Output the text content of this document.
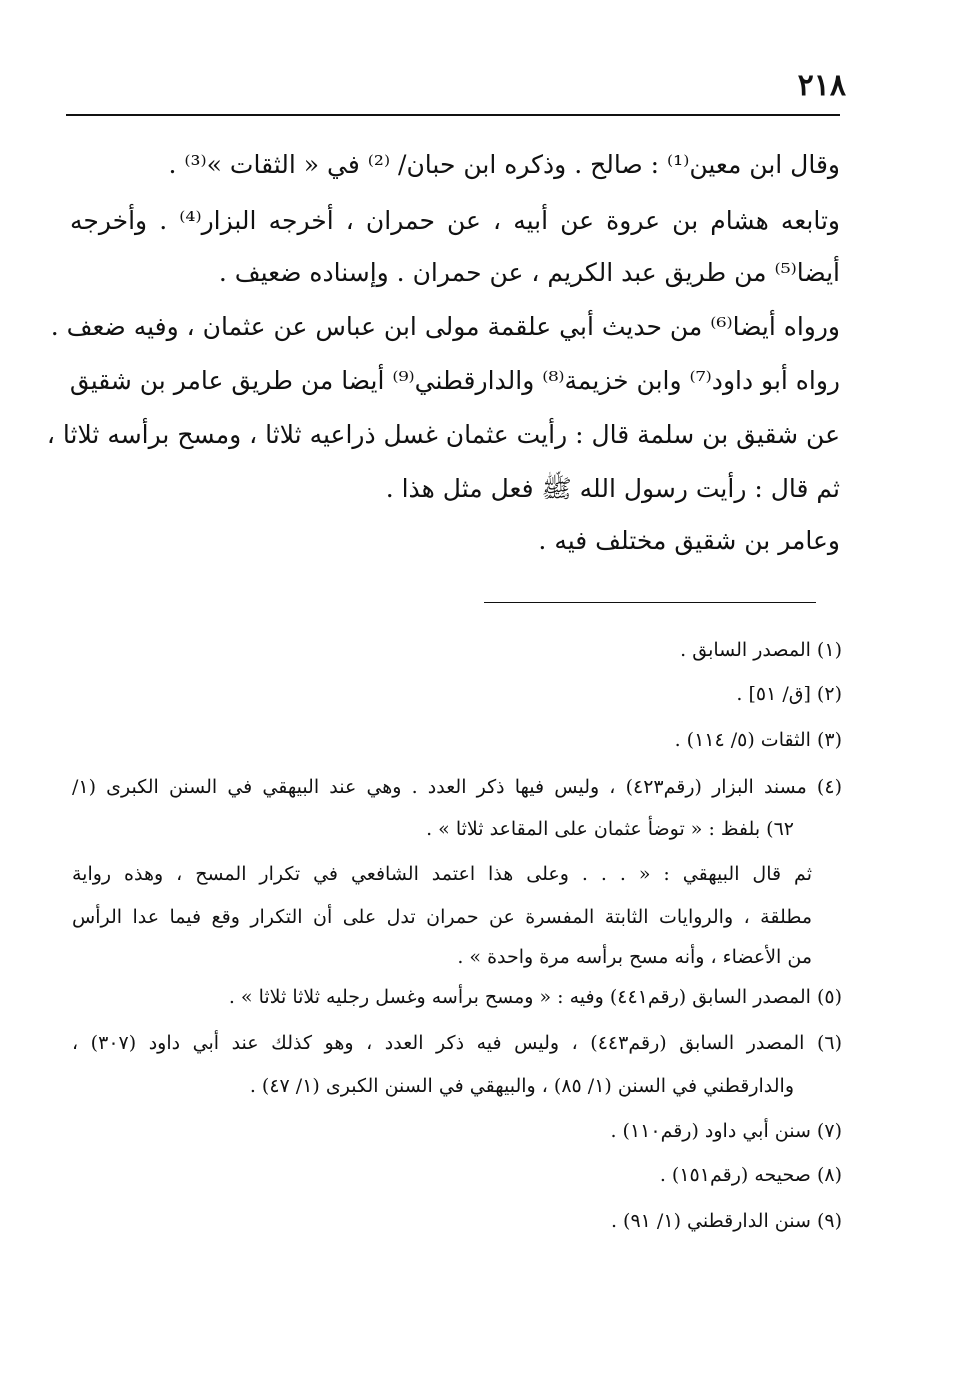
٢١٨
وقال ابن معين⁽¹⁾ : صالح . وذكره ابن حبان/ ⁽²⁾ في « الثقات »⁽³⁾ .
وتابعه هشام بن عروة عن أبيه ، عن حمران ، أخرجه البزار⁽⁴⁾ . وأخرجه
أيضا⁽⁵⁾ من طريق عبد الكريم ، عن حمران . وإسناده ضعيف .
ورواه أيضا⁽⁶⁾ من حديث أبي علقمة مولى ابن عباس عن عثمان ، وفيه ضعف .
رواه أبو داود⁽⁷⁾ وابن خزيمة⁽⁸⁾ والدارقطني⁽⁹⁾ أيضا من طريق عامر بن شقيق
عن شقيق بن سلمة قال : رأيت عثمان غسل ذراعيه ثلاثا ، ومسح برأسه ثلاثا ،
ثم قال : رأيت رسول الله ﷺ فعل مثل هذا .
وعامر بن شقيق مختلف فيه .
(١) المصدر السابق .
(٢) [ق/ ٥١] .
(٣) الثقات (٥/ ١١٤) .
(٤) مسند البزار (رقم٤٢٣) ، وليس فيها ذكر العدد . وهي عند البيهقي في السنن الكبرى (١/
٦٢) بلفظ : « توضأ عثمان على المقاعد ثلاثا » .
ثم قال البيهقي : « . . . وعلى هذا اعتمد الشافعي في تكرار المسح ، وهذه رواية
مطلقة ، والروايات الثابتة المفسرة عن حمران تدل على أن التكرار وقع فيما عدا الرأس
من الأعضاء ، وأنه مسح برأسه مرة واحدة » .
(٥) المصدر السابق (رقم٤٤١) وفيه : « ومسح برأسه وغسل رجليه ثلاثا ثلاثا » .
(٦) المصدر السابق (رقم٤٤٣) ، وليس فيه ذكر العدد ، وهو كذلك عند أبي داود (٣٠٧) ،
والدارقطني في السنن (١/ ٨٥) ، والبيهقي في السنن الكبرى (١/ ٤٧) .
(٧) سنن أبي داود (رقم١١٠) .
(٨) صحيحه (رقم١٥١) .
(٩) سنن الدارقطني (١/ ٩١) .
